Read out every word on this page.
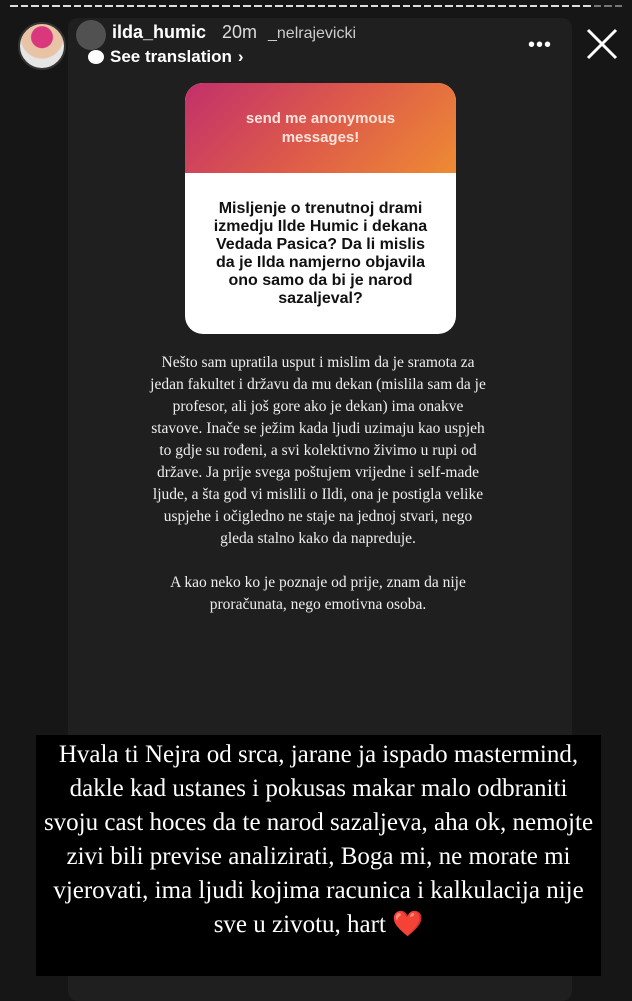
ilda_humic 20m _nelrajevicki
See translation ›
•••
send me anonymous messages!
Misljenje o trenutnoj drami izmedju Ilde Humic i dekana Vedada Pasica? Da li mislis da je Ilda namjerno objavila ono samo da bi je narod sazaljeval?

Nešto sam upratila usput i mislim da je sramota za jedan fakultet i državu da mu dekan (mislila sam da je profesor, ali još gore ako je dekan) ima onakve stavove. Inače se ježim kada ljudi uzimaju kao uspjeh to gdje su rođeni, a svi kolektivno živimo u rupi od države. Ja prije svega poštujem vrijedne i self-made ljude, a šta god vi mislili o Ildi, ona je postigla velike uspjehe i očigledno ne staje na jednoj stvari, nego gleda stalno kako da napreduje.

A kao neko ko je poznaje od prije, znam da nije proračunata, nego emotivna osoba.

Hvala ti Nejra od srca, jarane ja ispado mastermind, dakle kad ustanes i pokusas makar malo odbraniti svoju cast hoces da te narod sazaljeva, aha ok, nemojte zivi bili previse analizirati, Boga mi, ne morate mi vjerovati, ima ljudi kojima racunica i kalkulacija nije sve u zivotu, hart ❤️
